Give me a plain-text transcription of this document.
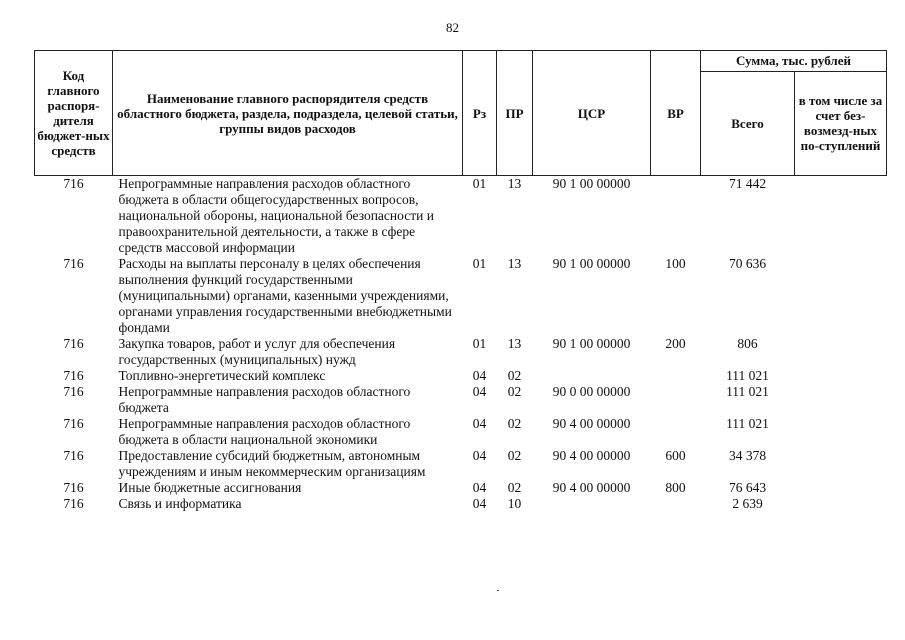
82
Код главного распоря-дителя бюджет-ных средств	Наименование главного распорядителя средств областного бюджета, раздела, подраздела, целевой статьи, группы видов расходов	Рз	ПР	ЦСР	ВР	Сумма, тыс. рублей	
						Всего	в том числе за счет без-возмезд-ных по-ступлений
716	Непрограммные направления расходов областного бюджета в области общегосударственных вопросов, национальной обороны, национальной безопасности и правоохранительной деятельности, а также в сфере средств массовой информации	01	13	90 1 00 00000		71 442	
716	Расходы на выплаты персоналу в целях обеспечения выполнения функций государственными (муниципальными) органами, казенными учреждениями, органами управления государственными внебюджетными фондами	01	13	90 1 00 00000	100	70 636	
716	Закупка товаров, работ и услуг для обеспечения государственных (муниципальных) нужд	01	13	90 1 00 00000	200	806	
716	Топливно-энергетический комплекс	04	02			111 021	
716	Непрограммные направления расходов областного бюджета	04	02	90 0 00 00000		111 021	
716	Непрограммные направления расходов областного бюджета в области национальной экономики	04	02	90 4 00 00000		111 021	
716	Предоставление субсидий бюджетным, автономным учреждениям и иным некоммерческим организациям	04	02	90 4 00 00000	600	34 378	
716	Иные бюджетные ассигнования	04	02	90 4 00 00000	800	76 643	
716	Связь и информатика	04	10			2 639	
